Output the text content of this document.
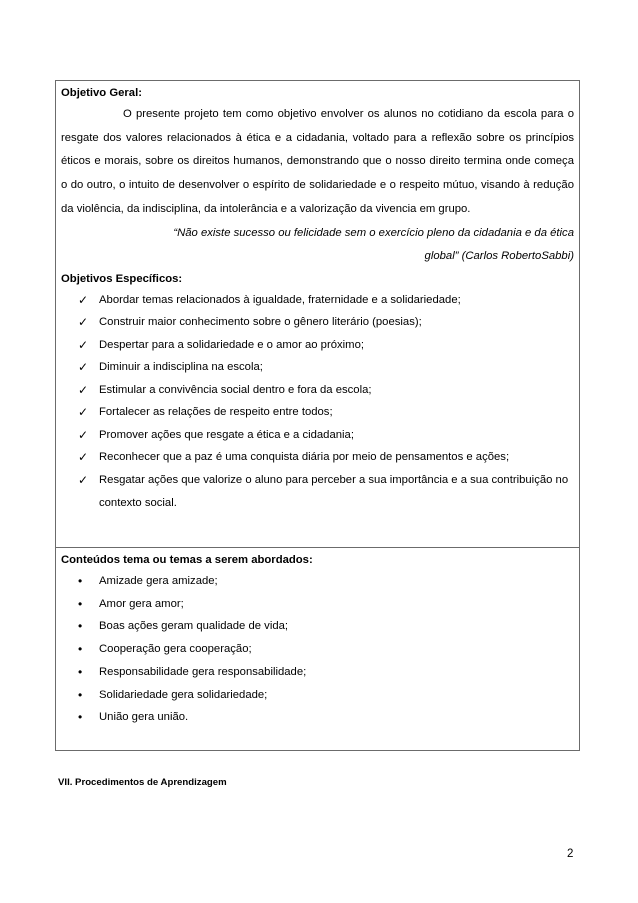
Objetivo Geral:

O presente projeto tem como objetivo envolver os alunos no cotidiano da escola para o resgate dos valores relacionados à ética e a cidadania, voltado para a reflexão sobre os princípios éticos e morais, sobre os direitos humanos, demonstrando que o nosso direito termina onde começa o do outro, o intuito de desenvolver o espírito de solidariedade e o respeito mútuo, visando à redução da violência, da indisciplina, da intolerância e a valorização da vivencia em grupo.

“Não existe sucesso ou felicidade sem o exercício pleno da cidadania e da ética global” (Carlos RobertoSabbi)

Objetivos Específicos:

✓ Abordar temas relacionados à igualdade, fraternidade e a solidariedade;
✓ Construir maior conhecimento sobre o gênero literário (poesias);
✓ Despertar para a solidariedade e o amor ao próximo;
✓ Diminuir a indisciplina na escola;
✓ Estimular a convivência social dentro e fora da escola;
✓ Fortalecer as relações de respeito entre todos;
✓ Promover ações que resgate a ética e a cidadania;
✓ Reconhecer que a paz é uma conquista diária por meio de pensamentos e ações;
✓ Resgatar ações que valorize o aluno para perceber a sua importância e a sua contribuição no contexto social.

Conteúdos tema ou temas a serem abordados:

• Amizade gera amizade;
• Amor gera amor;
• Boas ações geram qualidade de vida;
• Cooperação gera cooperação;
• Responsabilidade gera responsabilidade;
• Solidariedade gera solidariedade;
• União gera união.
VII. Procedimentos de Aprendizagem
2
